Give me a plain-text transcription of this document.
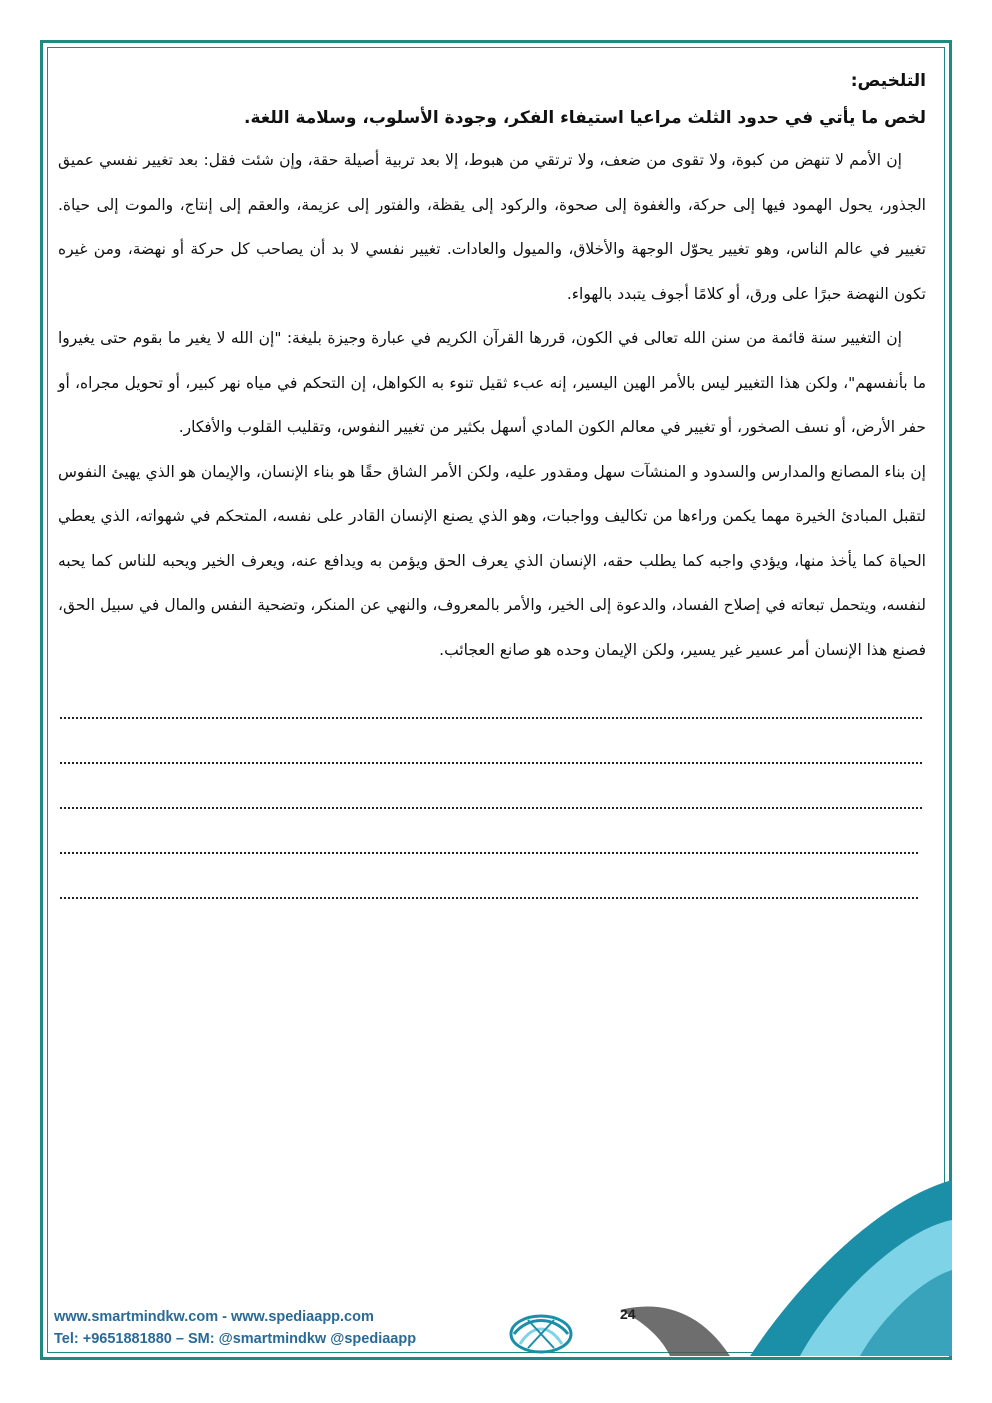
التلخيص:

لخص ما يأتي في حدود الثلث مراعيا استيفاء الفكر، وجودة الأسلوب، وسلامة اللغة.

إن الأمم لا تنهض من كبوة، ولا تقوى من ضعف، ولا ترتقي من هبوط، إلا بعد تربية أصيلة حقة، وإن شئت فقل: بعد تغيير نفسي عميق الجذور، يحول الهمود فيها إلى حركة، والغفوة إلى صحوة، والركود إلى يقظة، والفتور إلى عزيمة، والعقم إلى إنتاج، والموت إلى حياة. تغيير في عالم الناس، وهو تغيير يحوّل الوجهة والأخلاق، والميول والعادات. تغيير نفسي لا بد أن يصاحب كل حركة أو نهضة، ومن غيره تكون النهضة حبرًا على ورق، أو كلامًا أجوف يتبدد بالهواء.

إن التغيير سنة قائمة من سنن الله تعالى في الكون، قررها القرآن الكريم في عبارة وجيزة بليغة: "إن الله لا يغير ما بقوم حتى يغيروا ما بأنفسهم"، ولكن هذا التغيير ليس بالأمر الهين اليسير، إنه عبء ثقيل تنوء به الكواهل، إن التحكم في مياه نهر كبير، أو تحويل مجراه، أو حفر الأرض، أو نسف الصخور، أو تغيير في معالم الكون المادي أسهل بكثير من تغيير النفوس، وتقليب القلوب والأفكار.

إن بناء المصانع والمدارس والسدود و المنشآت سهل ومقدور عليه، ولكن الأمر الشاق حقًا هو بناء الإنسان، والإيمان هو الذي يهيئ النفوس لتقبل المبادئ الخيرة مهما يكمن وراءها من تكاليف وواجبات، وهو الذي يصنع الإنسان القادر على نفسه، المتحكم في شهواته، الذي يعطي الحياة كما يأخذ منها، ويؤدي واجبه كما يطلب حقه، الإنسان الذي يعرف الحق ويؤمن به ويدافع عنه، ويعرف الخير ويحبه للناس كما يحبه لنفسه، ويتحمل تبعاته في إصلاح الفساد، والدعوة إلى الخير، والأمر بالمعروف، والنهي عن المنكر، وتضحية النفس والمال في سبيل الحق، فصنع هذا الإنسان أمر عسير غير يسير، ولكن الإيمان وحده هو صانع العجائب.

www.smartmindkw.com - www.spediaapp.com
Tel: +9651881880 – SM: @smartmindkw @spediaapp
24
